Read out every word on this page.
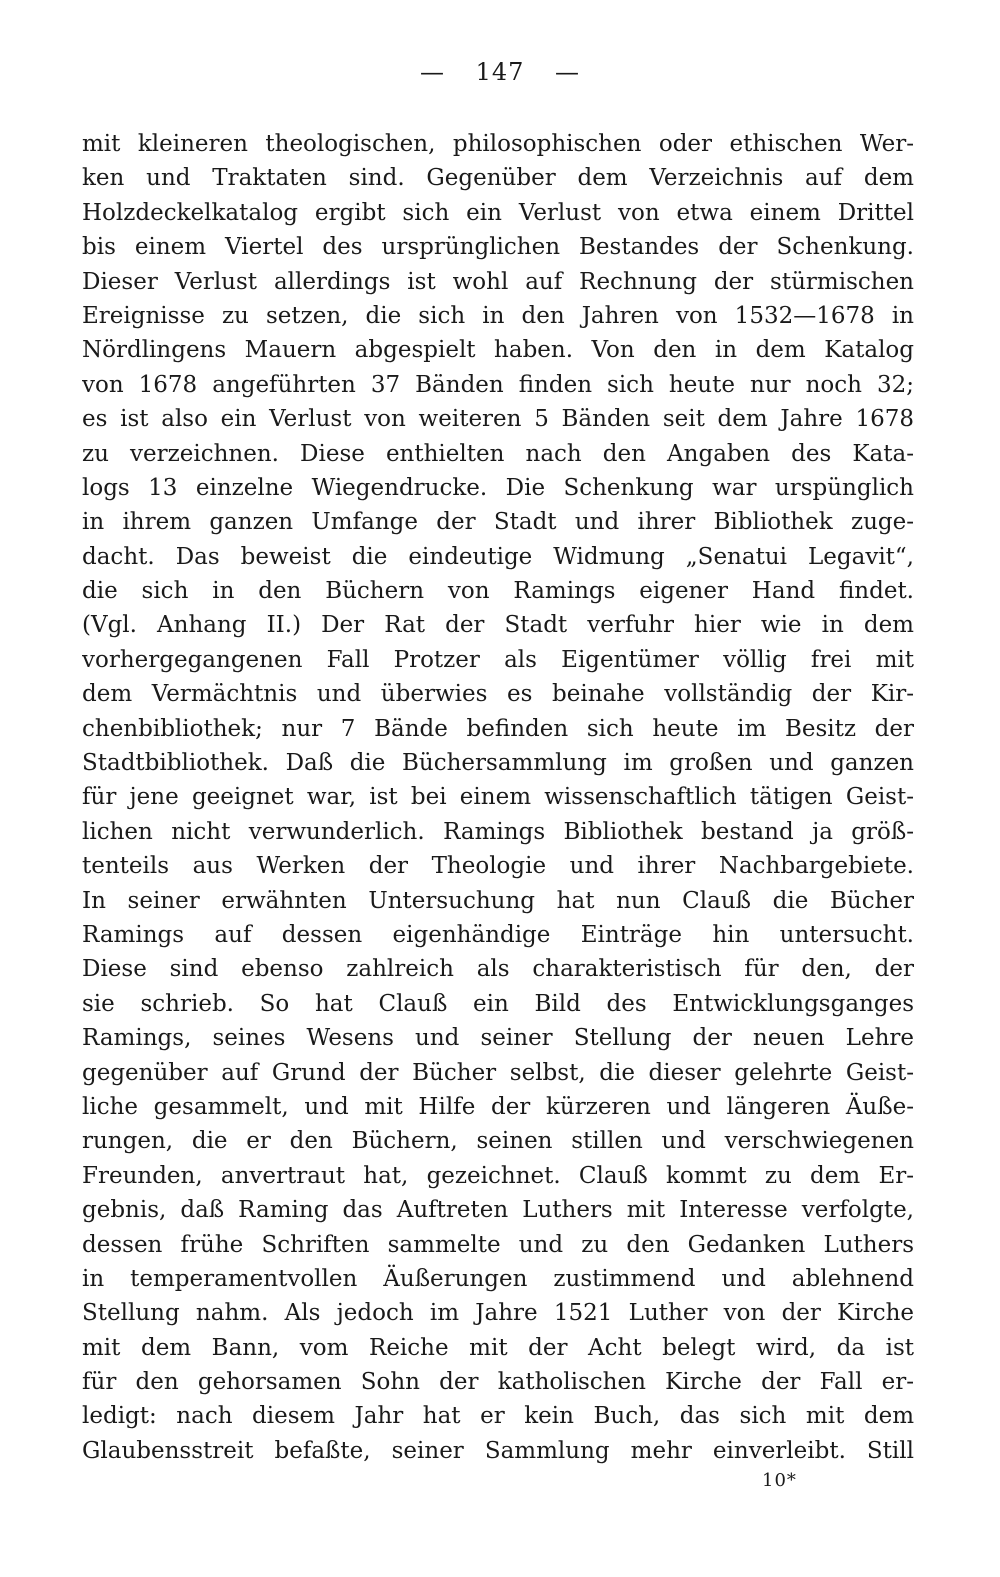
— 147 —
mit kleineren theologischen, philosophischen oder ethischen Wer-
ken und Traktaten sind. Gegenüber dem Verzeichnis auf dem
Holzdeckelkatalog ergibt sich ein Verlust von etwa einem Drittel
bis einem Viertel des ursprünglichen Bestandes der Schenkung.
Dieser Verlust allerdings ist wohl auf Rechnung der stürmischen
Ereignisse zu setzen, die sich in den Jahren von 1532—1678 in
Nördlingens Mauern abgespielt haben. Von den in dem Katalog
von 1678 angeführten 37 Bänden finden sich heute nur noch 32;
es ist also ein Verlust von weiteren 5 Bänden seit dem Jahre 1678
zu verzeichnen. Diese enthielten nach den Angaben des Kata-
logs 13 einzelne Wiegendrucke. Die Schenkung war urspünglich
in ihrem ganzen Umfange der Stadt und ihrer Bibliothek zuge-
dacht. Das beweist die eindeutige Widmung „Senatui Legavit“,
die sich in den Büchern von Ramings eigener Hand findet.
(Vgl. Anhang II.) Der Rat der Stadt verfuhr hier wie in dem
vorhergegangenen Fall Protzer als Eigentümer völlig frei mit
dem Vermächtnis und überwies es beinahe vollständig der Kir-
chenbibliothek; nur 7 Bände befinden sich heute im Besitz der
Stadtbibliothek. Daß die Büchersammlung im großen und ganzen
für jene geeignet war, ist bei einem wissenschaftlich tätigen Geist-
lichen nicht verwunderlich. Ramings Bibliothek bestand ja größ-
tenteils aus Werken der Theologie und ihrer Nachbargebiete.
In seiner erwähnten Untersuchung hat nun Clauß die Bücher
Ramings auf dessen eigenhändige Einträge hin untersucht.
Diese sind ebenso zahlreich als charakteristisch für den, der
sie schrieb. So hat Clauß ein Bild des Entwicklungsganges
Ramings, seines Wesens und seiner Stellung der neuen Lehre
gegenüber auf Grund der Bücher selbst, die dieser gelehrte Geist-
liche gesammelt, und mit Hilfe der kürzeren und längeren Äuße-
rungen, die er den Büchern, seinen stillen und verschwiegenen
Freunden, anvertraut hat, gezeichnet. Clauß kommt zu dem Er-
gebnis, daß Raming das Auftreten Luthers mit Interesse verfolgte,
dessen frühe Schriften sammelte und zu den Gedanken Luthers
in temperamentvollen Äußerungen zustimmend und ablehnend
Stellung nahm. Als jedoch im Jahre 1521 Luther von der Kirche
mit dem Bann, vom Reiche mit der Acht belegt wird, da ist
für den gehorsamen Sohn der katholischen Kirche der Fall er-
ledigt: nach diesem Jahr hat er kein Buch, das sich mit dem
Glaubensstreit befaßte, seiner Sammlung mehr einverleibt. Still
10*
